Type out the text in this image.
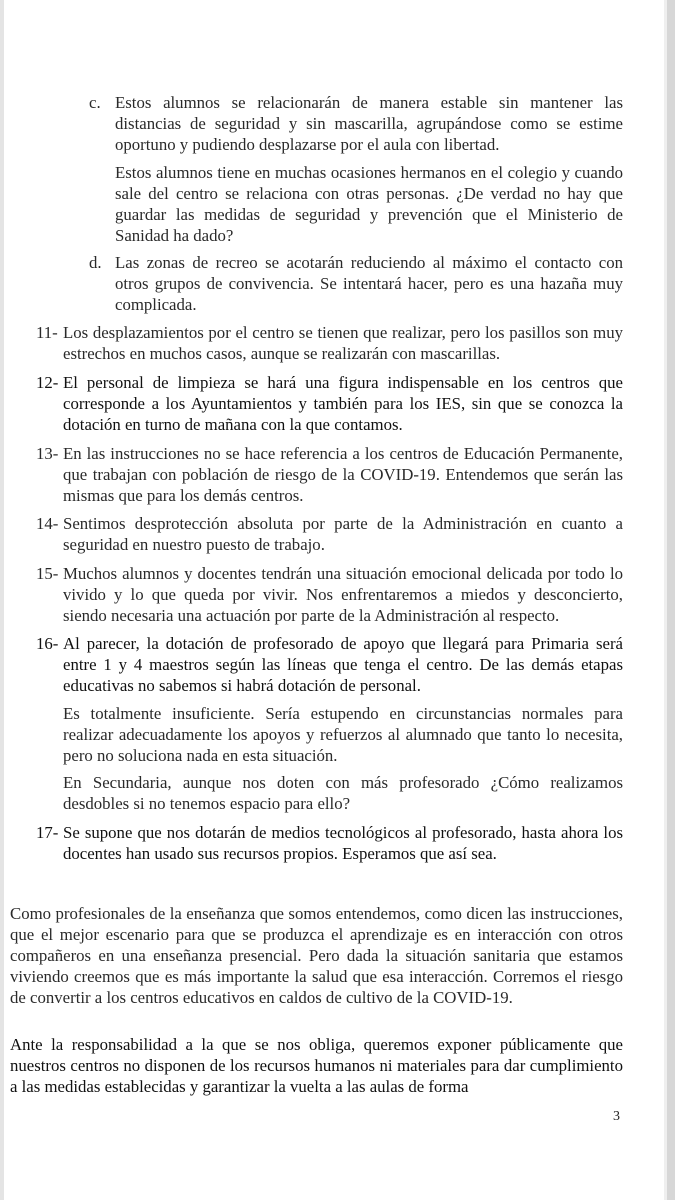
c. Estos alumnos se relacionarán de manera estable sin mantener las distancias de seguridad y sin mascarilla, agrupándose como se estime oportuno y pudiendo desplazarse por el aula con libertad.

Estos alumnos tiene en muchas ocasiones hermanos en el colegio y cuando sale del centro se relaciona con otras personas. ¿De verdad no hay que guardar las medidas de seguridad y prevención que el Ministerio de Sanidad ha dado?

d. Las zonas de recreo se acotarán reduciendo al máximo el contacto con otros grupos de convivencia. Se intentará hacer, pero es una hazaña muy complicada.

11- Los desplazamientos por el centro se tienen que realizar, pero los pasillos son muy estrechos en muchos casos, aunque se realizarán con mascarillas.

12- El personal de limpieza se hará una figura indispensable en los centros que corresponde a los Ayuntamientos y también para los IES, sin que se conozca la dotación en turno de mañana con la que contamos.

13- En las instrucciones no se hace referencia a los centros de Educación Permanente, que trabajan con población de riesgo de la COVID-19. Entendemos que serán las mismas que para los demás centros.

14- Sentimos desprotección absoluta por parte de la Administración en cuanto a seguridad en nuestro puesto de trabajo.

15- Muchos alumnos y docentes tendrán una situación emocional delicada por todo lo vivido y lo que queda por vivir. Nos enfrentaremos a miedos y desconcierto, siendo necesaria una actuación por parte de la Administración al respecto.

16- Al parecer, la dotación de profesorado de apoyo que llegará para Primaria será entre 1 y 4 maestros según las líneas que tenga el centro. De las demás etapas educativas no sabemos si habrá dotación de personal.

Es totalmente insuficiente. Sería estupendo en circunstancias normales para realizar adecuadamente los apoyos y refuerzos al alumnado que tanto lo necesita, pero no soluciona nada en esta situación.

En Secundaria, aunque nos doten con más profesorado ¿Cómo realizamos desdobles si no tenemos espacio para ello?

17- Se supone que nos dotarán de medios tecnológicos al profesorado, hasta ahora los docentes han usado sus recursos propios. Esperamos que así sea.

Como profesionales de la enseñanza que somos entendemos, como dicen las instrucciones, que el mejor escenario para que se produzca el aprendizaje es en interacción con otros compañeros en una enseñanza presencial. Pero dada la situación sanitaria que estamos viviendo creemos que es más importante la salud que esa interacción. Corremos el riesgo de convertir a los centros educativos en caldos de cultivo de la COVID-19.

Ante la responsabilidad a la que se nos obliga, queremos exponer públicamente que nuestros centros no disponen de los recursos humanos ni materiales para dar cumplimiento a las medidas establecidas y garantizar la vuelta a las aulas de forma

3
